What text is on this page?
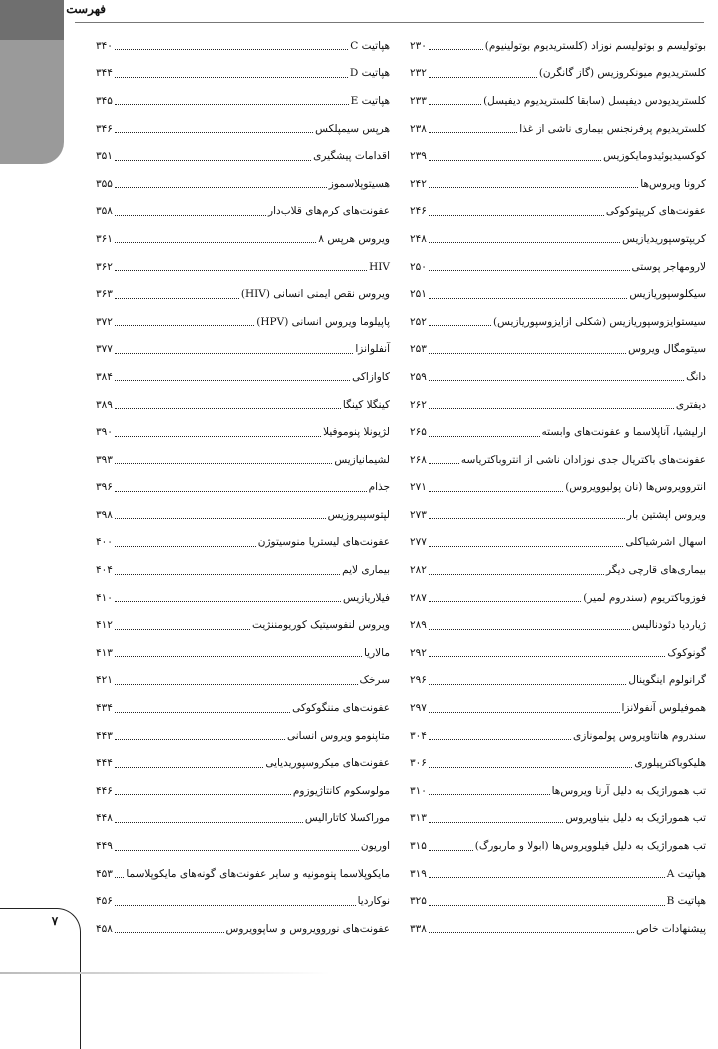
فهرست
بوتولیسم و بوتولیسم نوزاد (کلستریدیوم بوتولینیوم)
۲۳۰
کلستریدیوم میونکروزیس (گاز گانگرن)
۲۳۲
کلستریدیودس دیفیسل (سابقا کلستریدیوم دیفیسل)
۲۳۳
کلستریدیوم پرفرنجنس بیماری ناشی از غذا
۲۳۸
کوکسیدیوئیدومایکوزیس
۲۳۹
کرونا ویروس‌ها
۲۴۲
عفونت‌های کریپتوکوکی
۲۴۶
کریپتوسپوریدیازیس
۲۴۸
لارومهاجر پوستی
۲۵۰
سیکلوسپوریازیس
۲۵۱
سیستوایزوسپوریازیس (شکلی ازایزوسپوریازیس)
۲۵۲
سیتومگال ویروس
۲۵۳
دانگ
۲۵۹
دیفتری
۲۶۲
ارلیشیا، آناپلاسما و عفونت‌های وابسته
۲۶۵
عفونت‌های باکتریال جدی نوزادان ناشی از انتروباکتریاسه
۲۶۸
انتروویروس‌ها (نان پولیوویروس)
۲۷۱
ویروس اپشتین بار
۲۷۳
اسهال اشرشیاکلی
۲۷۷
بیماری‌های قارچی دیگر
۲۸۲
فوزوباکتریوم (سندروم لمیر)
۲۸۷
ژیاردیا دئودنالیس
۲۸۹
گونوکوک
۲۹۲
گرانولوم اینگوینال
۲۹۶
هموفیلوس آنفولانزا
۲۹۷
سندروم هانتاویروس پولمونازی
۳۰۴
هلیکوباکترپیلوری
۳۰۶
تب هموراژیک به دلیل آرنا ویروس‌ها
۳۱۰
تب هموراژیک به دلیل بنیاویروس
۳۱۳
تب هموراژیک به دلیل فیلوویروس‌ها (ابولا و ماربورگ)
۳۱۵
هپاتیت A
۳۱۹
هپاتیت B
۳۲۵
پیشنهادات خاص
۳۳۸
هپاتیت C
۳۴۰
هپاتیت D
۳۴۴
هپاتیت E
۳۴۵
هرپس سیمپلکس
۳۴۶
اقدامات پیشگیری
۳۵۱
هسیتوپلاسموز
۳۵۵
عفونت‌های کرم‌های قلاب‌دار
۳۵۸
ویروس هرپس ۸
۳۶۱
HIV
۳۶۲
ویروس نقص ایمنی انسانی (HIV)
۳۶۳
پاپیلوما ویروس انسانی (HPV)
۳۷۲
آنفلوانزا
۳۷۷
کاوازاکی
۳۸۴
کینگلا کینگا
۳۸۹
لژیونلا پنوموفیلا
۳۹۰
لشیمانیازیس
۳۹۳
جذام
۳۹۶
لپتوسپیروزیس
۳۹۸
عفونت‌های لیستریا منوسیتوژن
۴۰۰
بیماری لایم
۴۰۴
فیلاریازیس
۴۱۰
ویروس لنفوسیتیک کوریومننژیت
۴۱۲
مالاریا
۴۱۳
سرخک
۴۲۱
عفونت‌های مننگوکوکی
۴۳۴
متاپنومو ویروس انسانی
۴۴۳
عفونت‌های میکروسپوریدیایی
۴۴۴
مولوسکوم کانتاژیوزوم
۴۴۶
موراکسلا کاتارالیس
۴۴۸
اوریون
۴۴۹
مایکوپلاسما پنومونیه و سایر عفونت‌های گونه‌های مایکوپلاسما
۴۵۳
نوکاردیا
۴۵۶
عفونت‌های نوروویروس و ساپوویروس
۴۵۸
۷
